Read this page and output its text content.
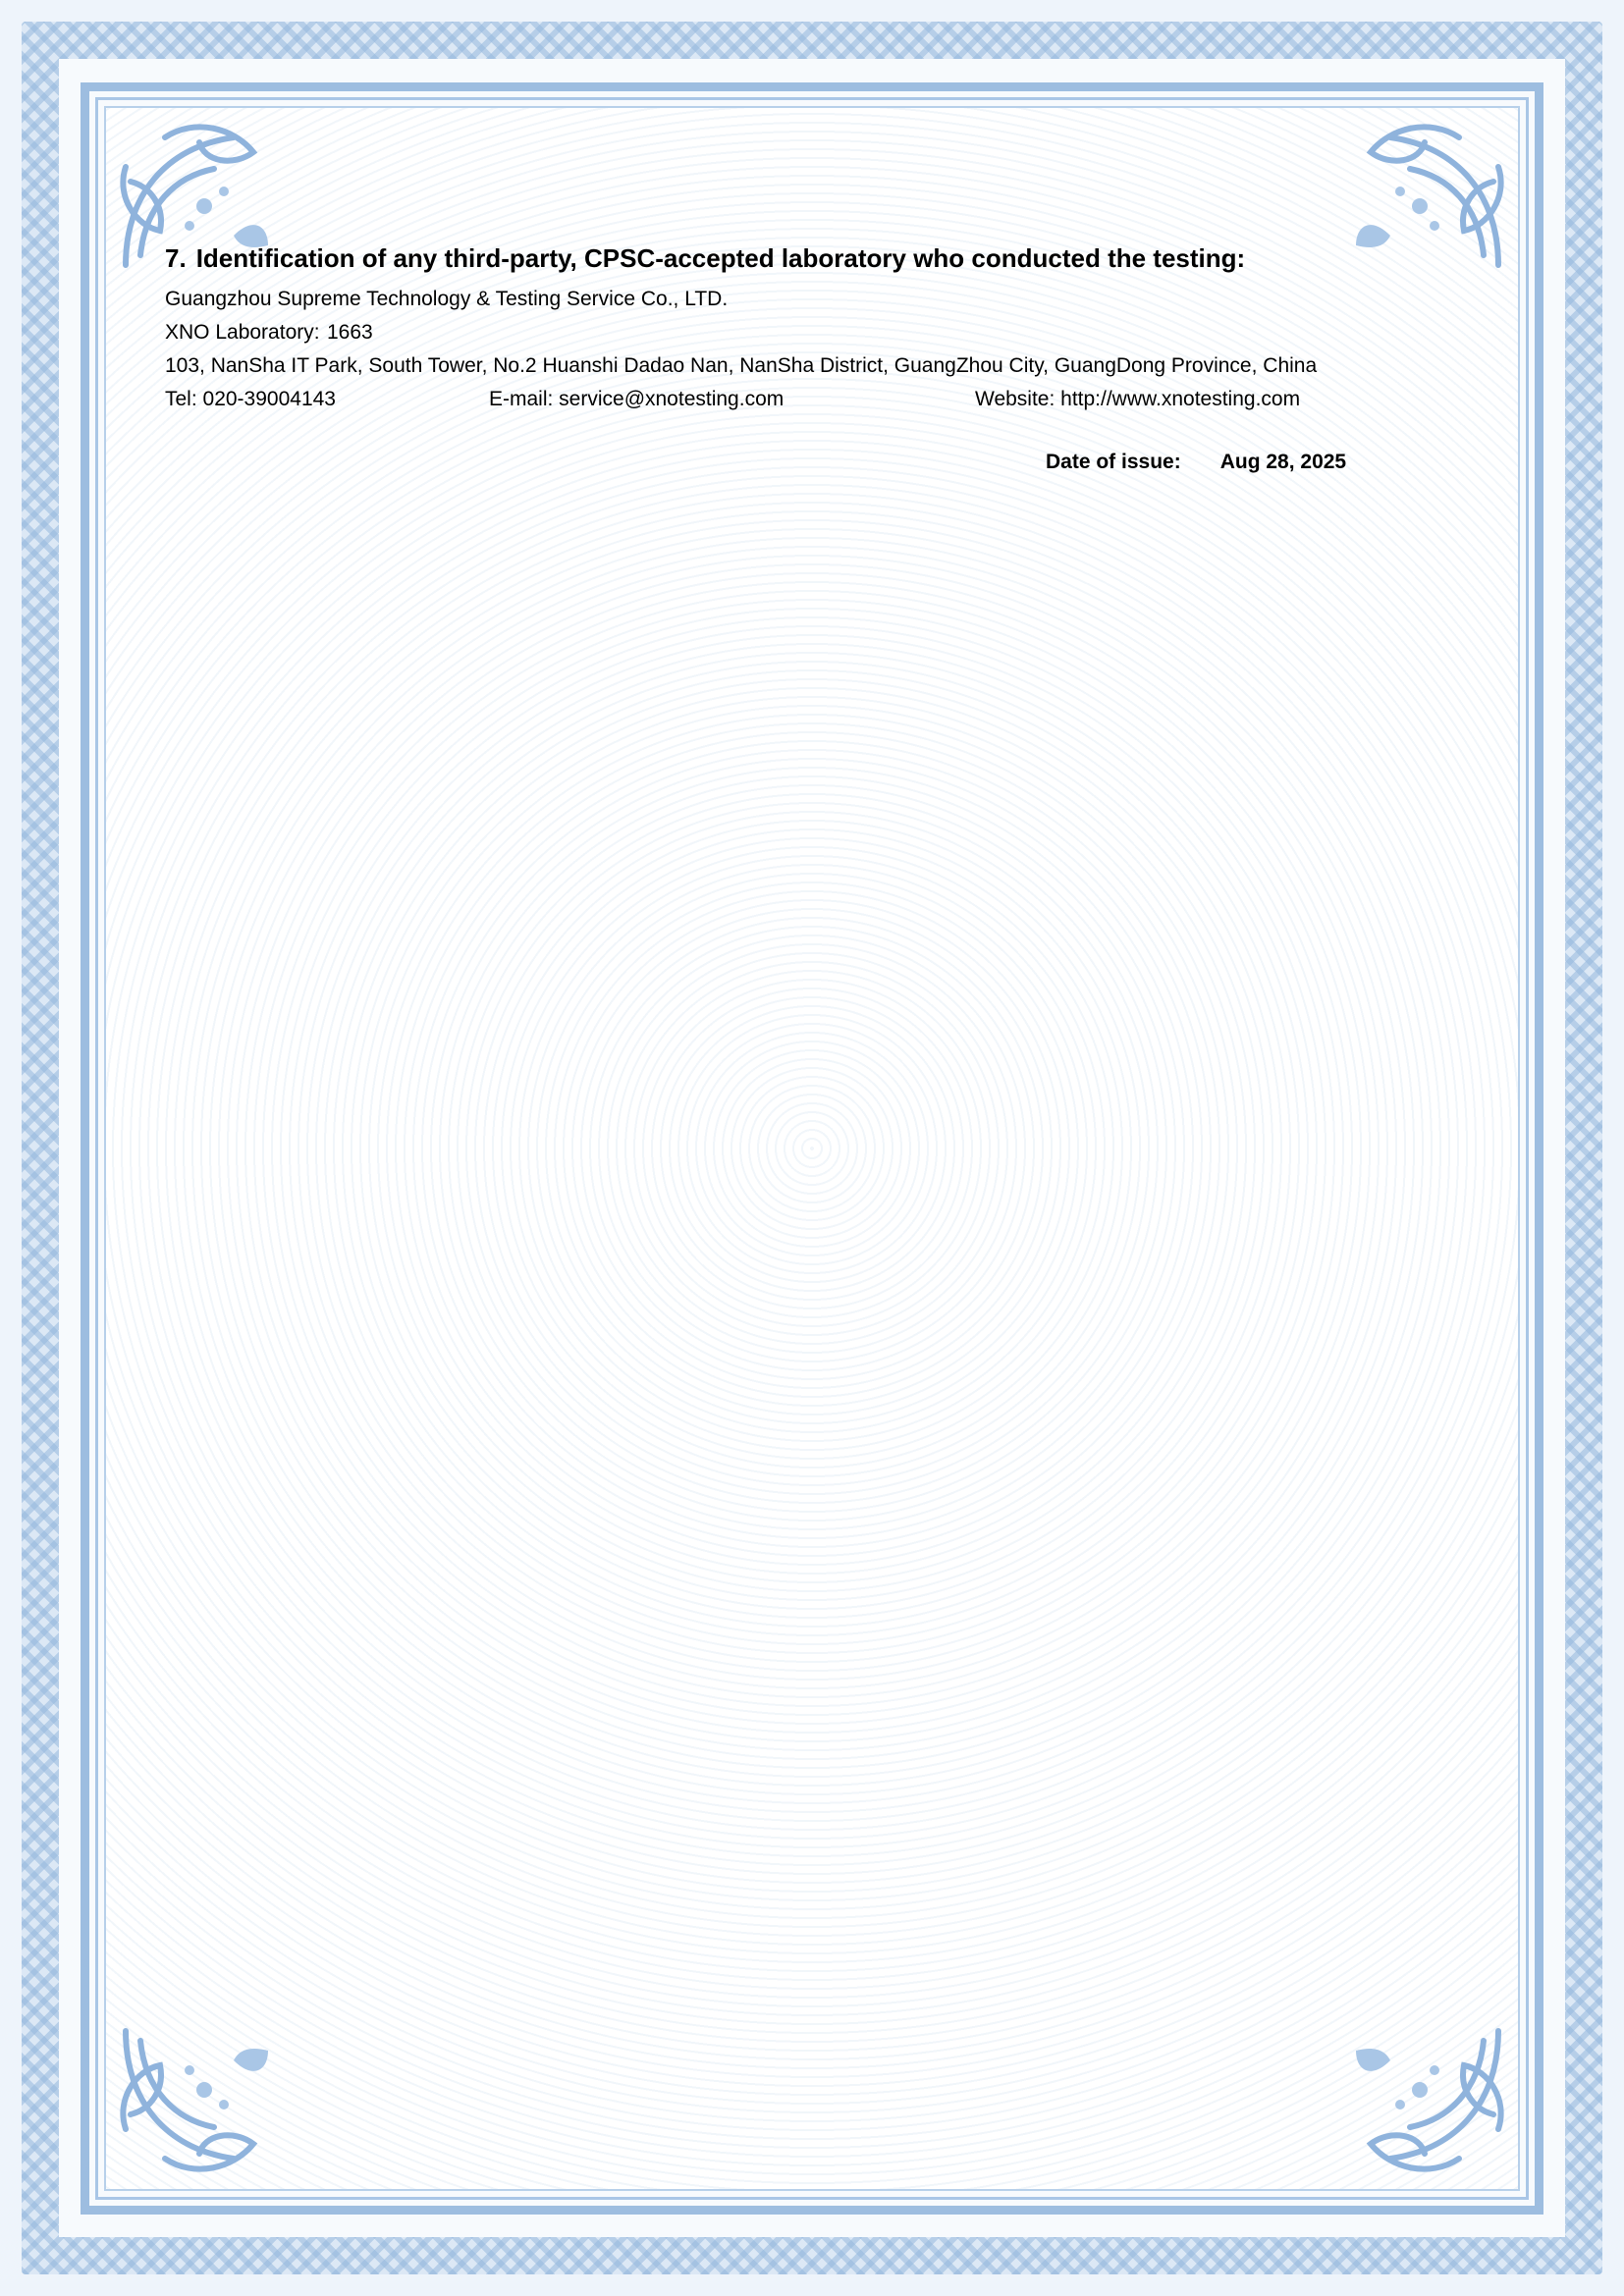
7. Identification of any third-party, CPSC-accepted laboratory who conducted the testing:

Guangzhou Supreme Technology & Testing Service Co., LTD.

XNO Laboratory: 1663

103, NanSha IT Park, South Tower, No.2 Huanshi Dadao Nan, NanSha District, GuangZhou City, GuangDong Province, China

Tel: 020-39004143	E-mail: service@xnotesting.com	Website: http://www.xnotesting.com
Date of issue: Aug 28, 2025
